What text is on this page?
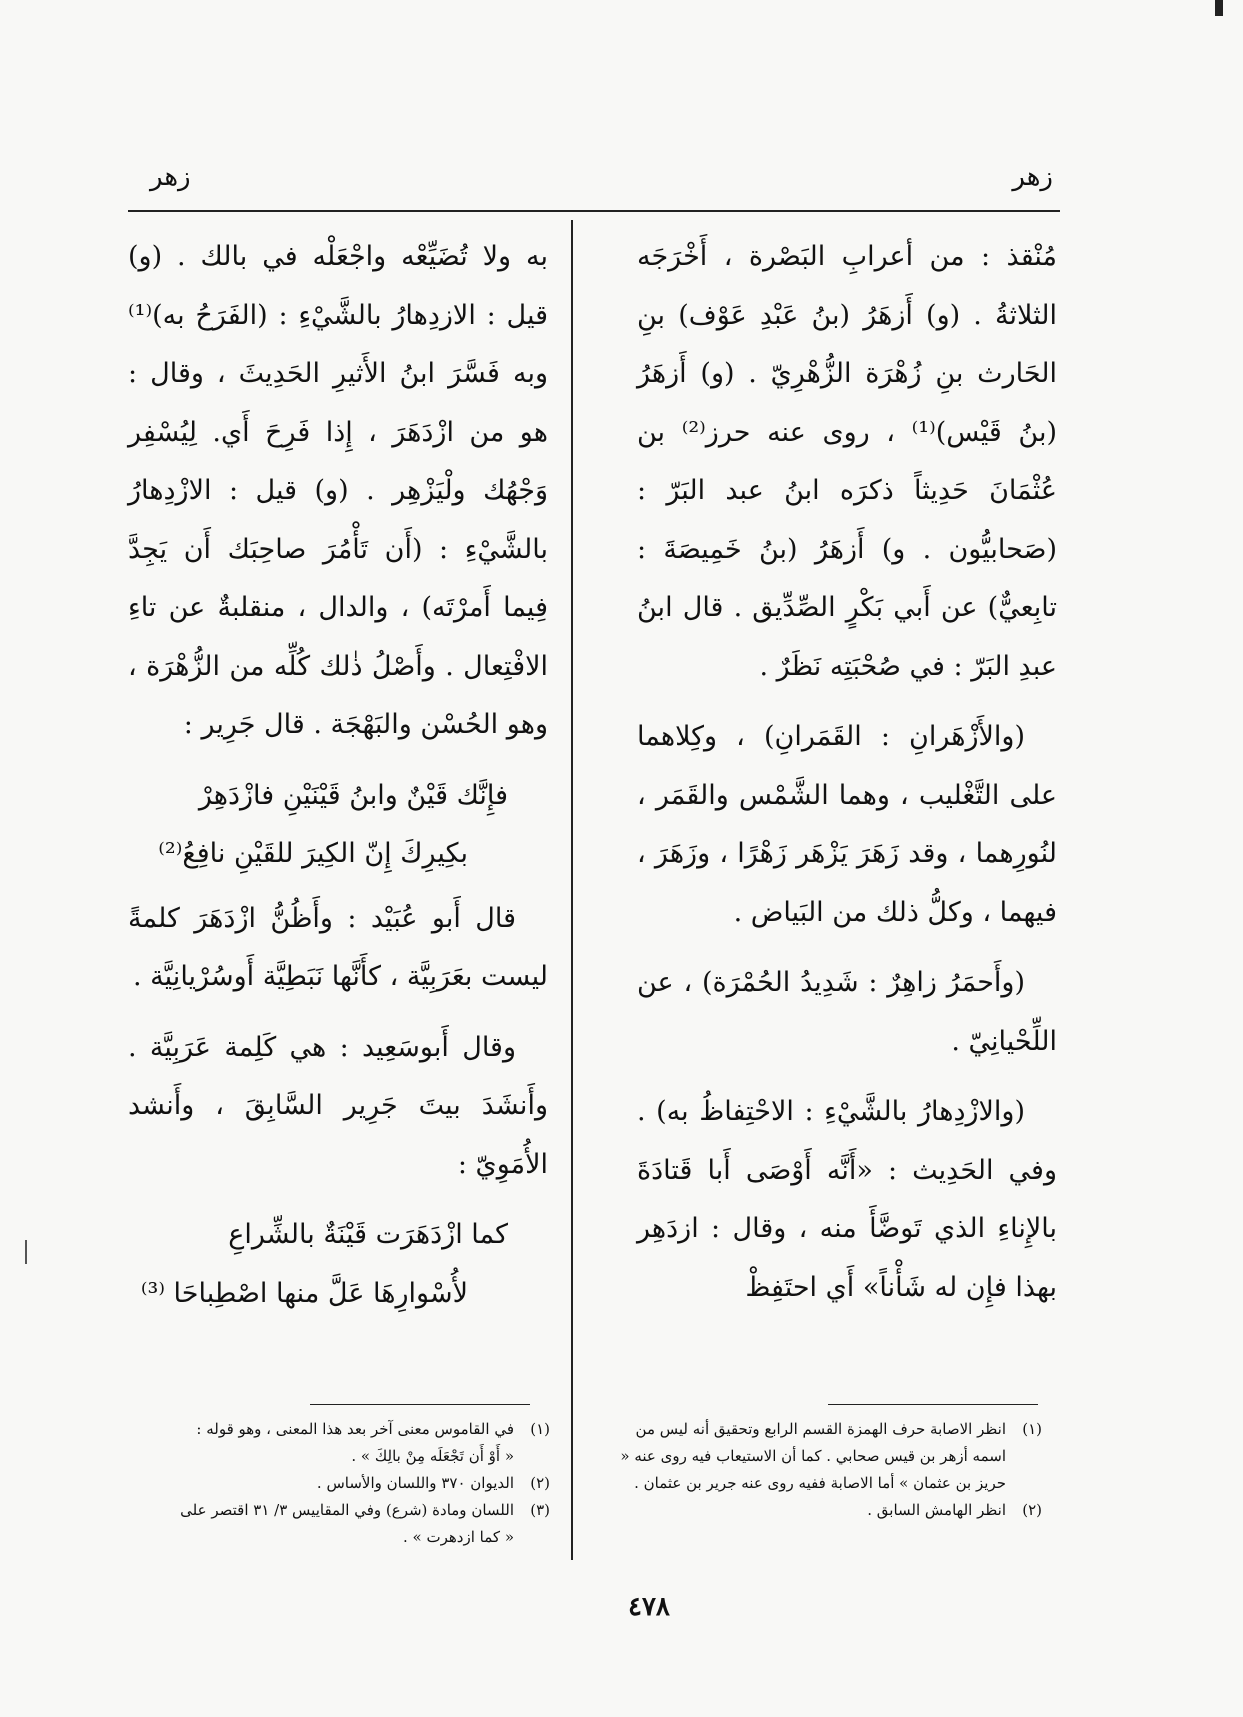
زهر
زهر

مُنْقذ : من أعرابِ البَصْرة ، أَخْرَجَه الثلاثةُ . (و) أَزهَرُ (بنُ عَبْدِ عَوْف) بنِ الحَارث بنِ زُهْرَة الزُّهْرِيّ . (و) أَزهَرُ (بنُ قَيْس)⁽¹⁾ ، روى عنه حرز⁽²⁾ بن عُثْمَانَ حَدِيثاً ذكرَه ابنُ عبد البَرّ : (صَحابيُّون . و) أَزهَرُ (بنُ خَمِيصَةَ : تابِعيٌّ) عن أَبي بَكْرٍ الصِّدِّيق . قال ابنُ عبدِ البَرّ : في صُحْبَتِه نَظَرٌ .

(والأَزْهَرانِ : القَمَرانِ) ، وكِلاهما على التَّغْليب ، وهما الشَّمْس والقَمَر ، لنُورِهما ، وقد زَهَرَ يَزْهَر زَهْرًا ، وزَهَرَ ، فيهما ، وكلُّ ذلك من البَياض .

(وأَحمَرُ زاهِرٌ : شَدِيدُ الحُمْرَة) ، عن اللِّحْيانِيّ .

(والازْدِهارُ بالشَّيْءِ : الاحْتِفاظُ به) . وفي الحَدِيث : «أَنَّه أَوْصَى أَبا قَتادَةَ بالإِناءِ الذي تَوضَّأَ منه ، وقال : ازدَهِر بهذا فإِن له شَأْناً» أَي احتَفِظْ

به ولا تُضَيِّعْه واجْعَلْه في بالك . (و) قيل : الازدِهارُ بالشَّيْءِ : (الفَرَحُ به)⁽¹⁾ وبه فَسَّرَ ابنُ الأَثيرِ الحَدِيثَ ، وقال : هو من ازْدَهَرَ ، إِذا فَرِحَ أَي. لِيُسْفِر وَجْهُك ولْيَزْهِر . (و) قيل : الازْدِهارُ بالشَّيْءِ : (أَن تَأْمُرَ صاحِبَك أَن يَجِدَّ فِيما أَمرْتَه) ، والدال ، منقلبةٌ عن تاءِ الافْتِعال . وأَصْلُ ذٰلك كُلِّه من الزُّهْرَة ، وهو الحُسْن والبَهْجَة . قال جَرِير :

فإِنَّك قَيْنٌ وابنُ قَيْنَيْنِ فازْدَهِرْ
بكِيرِكَ إِنّ الكِيرَ للقَيْنِ نافِعُ⁽²⁾

قال أَبو عُبَيْد : وأَظُنُّ ازْدَهَرَ كلمةً ليست بعَرَبِيَّة ، كأَنَّها نَبَطِيَّة أَوسُرْيانِيَّة .

وقال أَبوسَعِيد : هي كَلِمة عَرَبِيَّة . وأَنشَدَ بيتَ جَرِير السَّابِقَ ، وأَنشد الأُمَوِيّ :

كما ازْدَهَرَت قَيْنَةٌ بالشِّراعِ
لأُسْوارِهَا عَلَّ منها اصْطِباحَا ⁽³⁾
(١)
في القاموس معنى آخر بعد هذا المعنى ، وهو قوله :
« أَوْ أَن تَجْعَلَه مِنْ بالِكَ » .
(٢)
الديوان ٣٧٠ واللسان والأساس .
(٣)
اللسان ومادة (شرع) وفي المقاييس ٣/ ٣١ اقتصر على
« كما ازدهرت » .
(١)
انظر الاصابة حرف الهمزة القسم الرابع وتحقيق أنه ليس من اسمه أزهر بن قيس صحابي . كما أن الاستيعاب فيه روى عنه « حريز بن عثمان » أما الاصابة ففيه روى عنه جرير بن عثمان .
(٢)
انظر الهامش السابق .
٤٧٨
